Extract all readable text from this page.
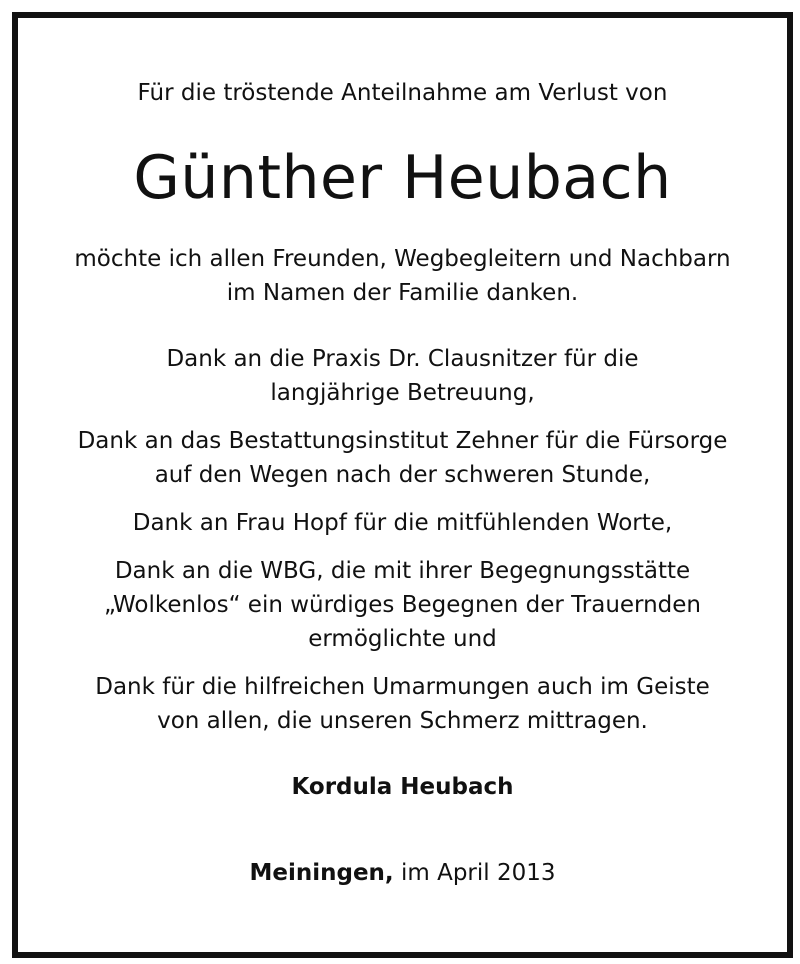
Für die tröstende Anteilnahme am Verlust von
Günther Heubach
möchte ich allen Freunden, Wegbegleitern und Nachbarn
im Namen der Familie danken.
Dank an die Praxis Dr. Clausnitzer für die
langjährige Betreuung,
Dank an das Bestattungsinstitut Zehner für die Fürsorge
auf den Wegen nach der schweren Stunde,
Dank an Frau Hopf für die mitfühlenden Worte,
Dank an die WBG, die mit ihrer Begegnungsstätte
„Wolkenlos“ ein würdiges Begegnen der Trauernden
ermöglichte und
Dank für die hilfreichen Umarmungen auch im Geiste
von allen, die unseren Schmerz mittragen.
Kordula Heubach
Meiningen, im April 2013
